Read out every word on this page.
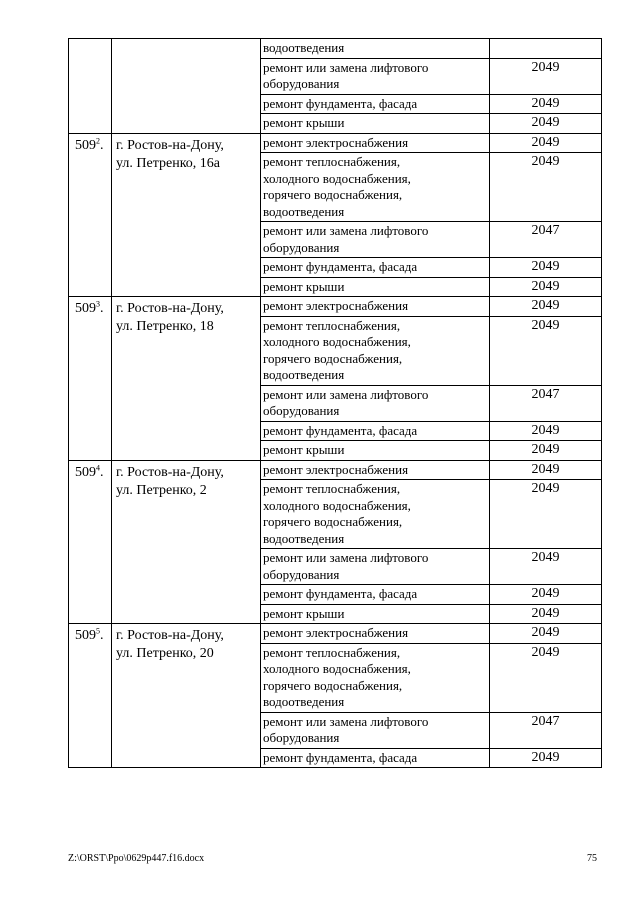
		водоотведения	

		ремонт или замена лифтового
оборудования	2049

		ремонт фундамента, фасада	2049

		ремонт крыши	2049

$509^2$.	г. Ростов-на-Дону,
ул. Петренко, 16а	ремонт электроснабжения	2049

		ремонт теплоснабжения,
холодного водоснабжения,
горячего водоснабжения,
водоотведения	2049

		ремонт или замена лифтового
оборудования	2047

		ремонт фундамента, фасада	2049

		ремонт крыши	2049

$509^3$.	г. Ростов-на-Дону,
ул. Петренко, 18	ремонт электроснабжения	2049

		ремонт теплоснабжения,
холодного водоснабжения,
горячего водоснабжения,
водоотведения	2049

		ремонт или замена лифтового
оборудования	2047

		ремонт фундамента, фасада	2049

		ремонт крыши	2049

$509^4$.	г. Ростов-на-Дону,
ул. Петренко, 2	ремонт электроснабжения	2049

		ремонт теплоснабжения,
холодного водоснабжения,
горячего водоснабжения,
водоотведения	2049

		ремонт или замена лифтового
оборудования	2049

		ремонт фундамента, фасада	2049

		ремонт крыши	2049

$509^5$.	г. Ростов-на-Дону,
ул. Петренко, 20	ремонт электроснабжения	2049

		ремонт теплоснабжения,
холодного водоснабжения,
горячего водоснабжения,
водоотведения	2049

		ремонт или замена лифтового
оборудования	2047

		ремонт фундамента, фасада	2049
Z:\ORST\Ppo\0629p447.f16.docx	75
